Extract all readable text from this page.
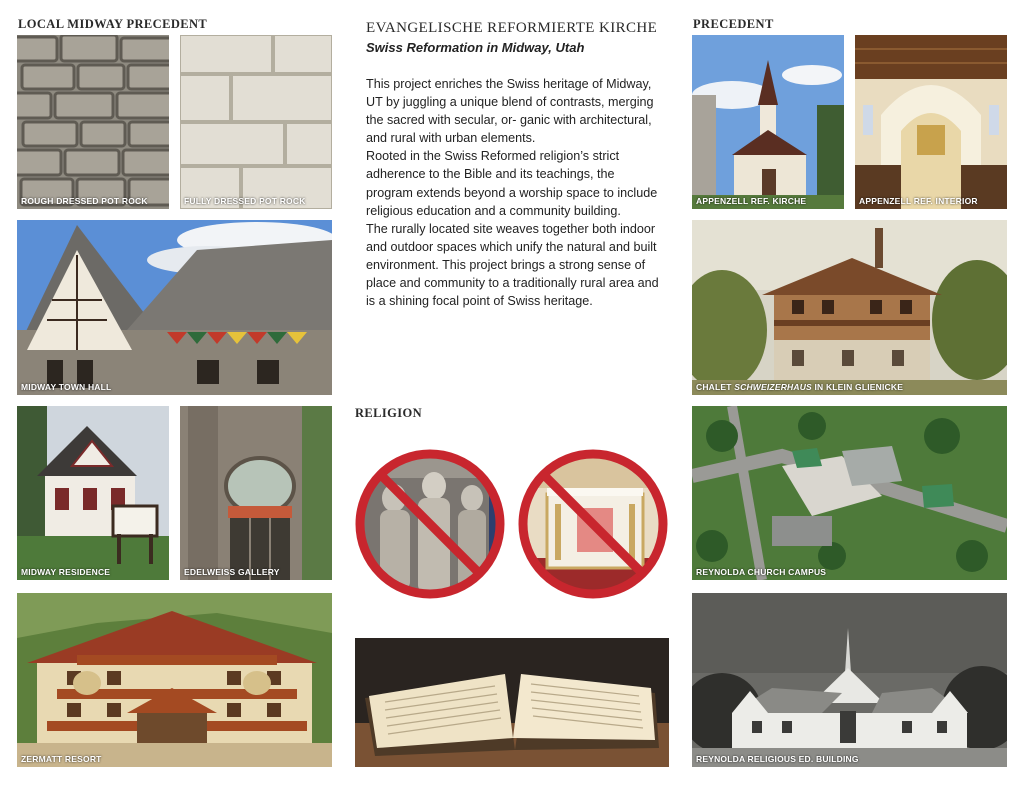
LOCAL MIDWAY PRECEDENT	PRECEDENT
RELIGION
EVANGELISCHE REFORMIERTE KIRCHE
Swiss Reformation in Midway, Utah

This project enriches the Swiss heritage of Midway, UT by juggling a unique blend of contrasts, merging the sacred with secular, or- ganic with architectural, and rural with urban elements.

Rooted in the Swiss Reformed religion’s strict adherence to the Bible and its teachings, the program extends beyond a worship space to include religious education and a community building.

The rurally located site weaves together both indoor and outdoor spaces which unify the natural and built environment. This project brings a strong sense of place and community to a traditionally rural area and is a shining focal point of Swiss heritage.

ROUGH DRESSED POT ROCK	FULLY DRESSED POT ROCK
MIDWAY TOWN HALL
MIDWAY RESIDENCE	EDELWEISS GALLERY
ZERMATT RESORT
APPENZELL REF. KIRCHE	APPENZELL REF. INTERIOR
CHALET SCHWEIZERHAUS IN KLEIN GLIENICKE
REYNOLDA CHURCH CAMPUS
REYNOLDA RELIGIOUS ED. BUILDING
